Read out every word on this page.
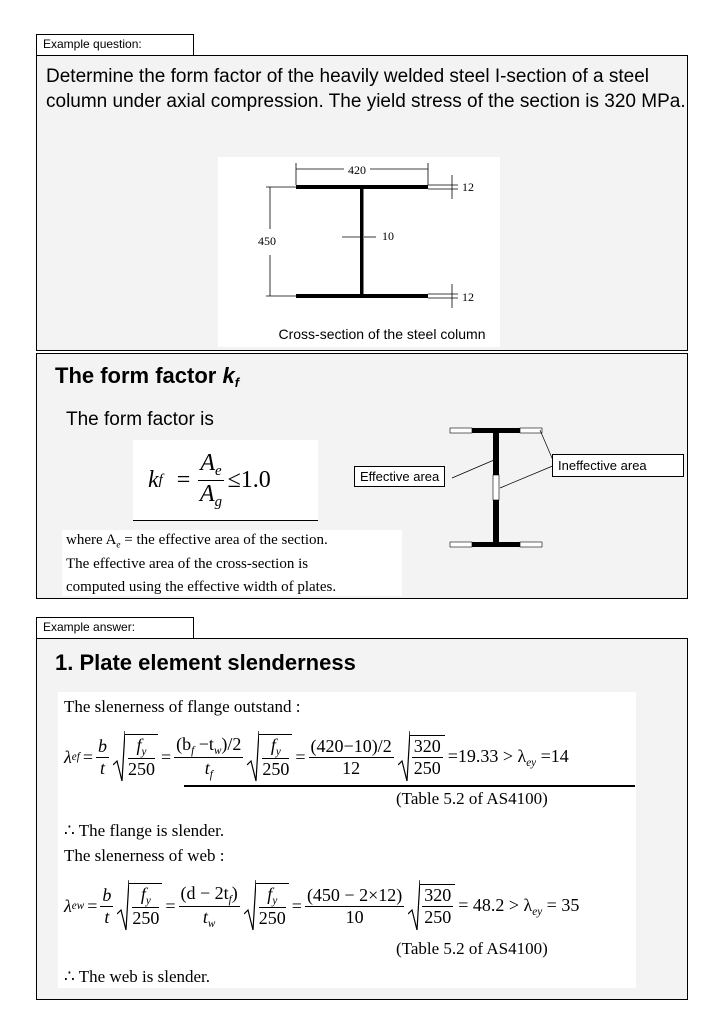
Example question:
Determine the form factor of the heavily welded steel I-section of a steel column under axial compression. The yield stress of the section is 320 MPa.
420
450	10
12
12
Cross-section of the steel column
The form factor kf
The form factor is
k $f = \frac{A_e}{A_g} \le 1.0$
where $A_e$ = the effective area of the section.
The effective area of the cross-section is
computed using the effective width of plates.
Effective area
Ineffective area
Example answer:
1. Plate element slenderness
The slenerness of flange outstand :
λ ef = $\frac{b}{t} \frac{f_y}{250} = \frac{(b_f -t_w)/2}{t_f} \frac{f_y}{250} = \frac{(420-10)/2}{12} \frac{320}{250} =19.33 > \lambda_{ey} =14$
(Table 5.2 of AS4100)
∴ The flange is slender.
The slenerness of web :
λ ew = $\frac{b}{t} \frac{f_y}{250} = \frac{(d - 2t_f)}{t_w} \frac{f_y}{250} = \frac{(450 - 2\times 12)}{10} \frac{320}{250} = 48.2 > \lambda_{ey} = 35$
(Table 5.2 of AS4100)
∴ The web is slender.
